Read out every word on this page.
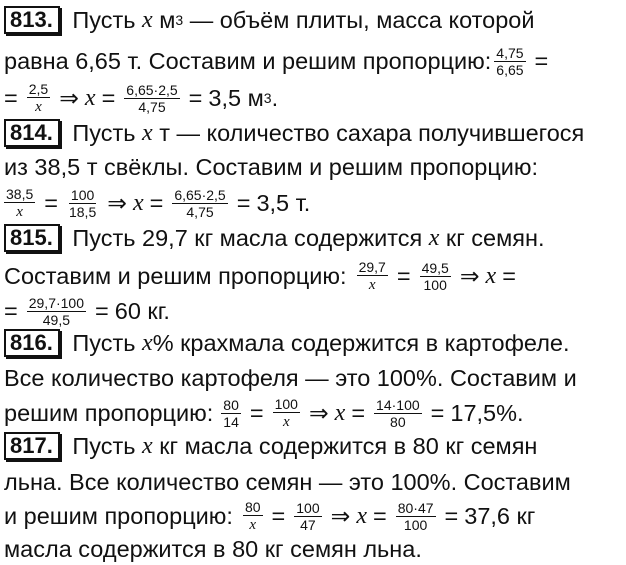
813. Пусть x м 3 — объём плиты, масса которой
равна 6,65 т. Составим и решим пропорцию: $\frac{4,75}{6,65}$ =
= $\frac{2,5}{x}$ ⇒ $x = \frac{6,65\cdot 2,5}{4,75} = 3,5$ м 3 .
814. Пусть x т — количество сахара получившегося
из 38,5 т свёклы. Составим и решим пропорцию:
$\frac{38,5}{x} = \frac{100}{18,5}$ ⇒ $x = \frac{6,65\cdot 2,5}{4,75} = 3,5$ т.
815. Пусть 29,7 кг масла содержится x кг семян.
Составим и решим пропорцию: $\frac{29,7}{x} = \frac{49,5}{100}$ ⇒ x =
= $\frac{29,7\cdot 100}{49,5} = 60$ кг.
816. Пусть x % крахмала содержится в картофеле.
Все количество картофеля — это 100%. Составим и
решим пропорцию: $\frac{80}{14} = \frac{100}{x}$ ⇒ $x = \frac{14\cdot 100}{80} = 17,5\%$.
817. Пусть x кг масла содержится в 80 кг семян
льна. Все количество семян — это 100%. Составим
и решим пропорцию: $\frac{80}{x} = \frac{100}{47}$ ⇒ $x = \frac{80\cdot 47}{100} = 37,6$ кг
масла содержится в 80 кг семян льна.
